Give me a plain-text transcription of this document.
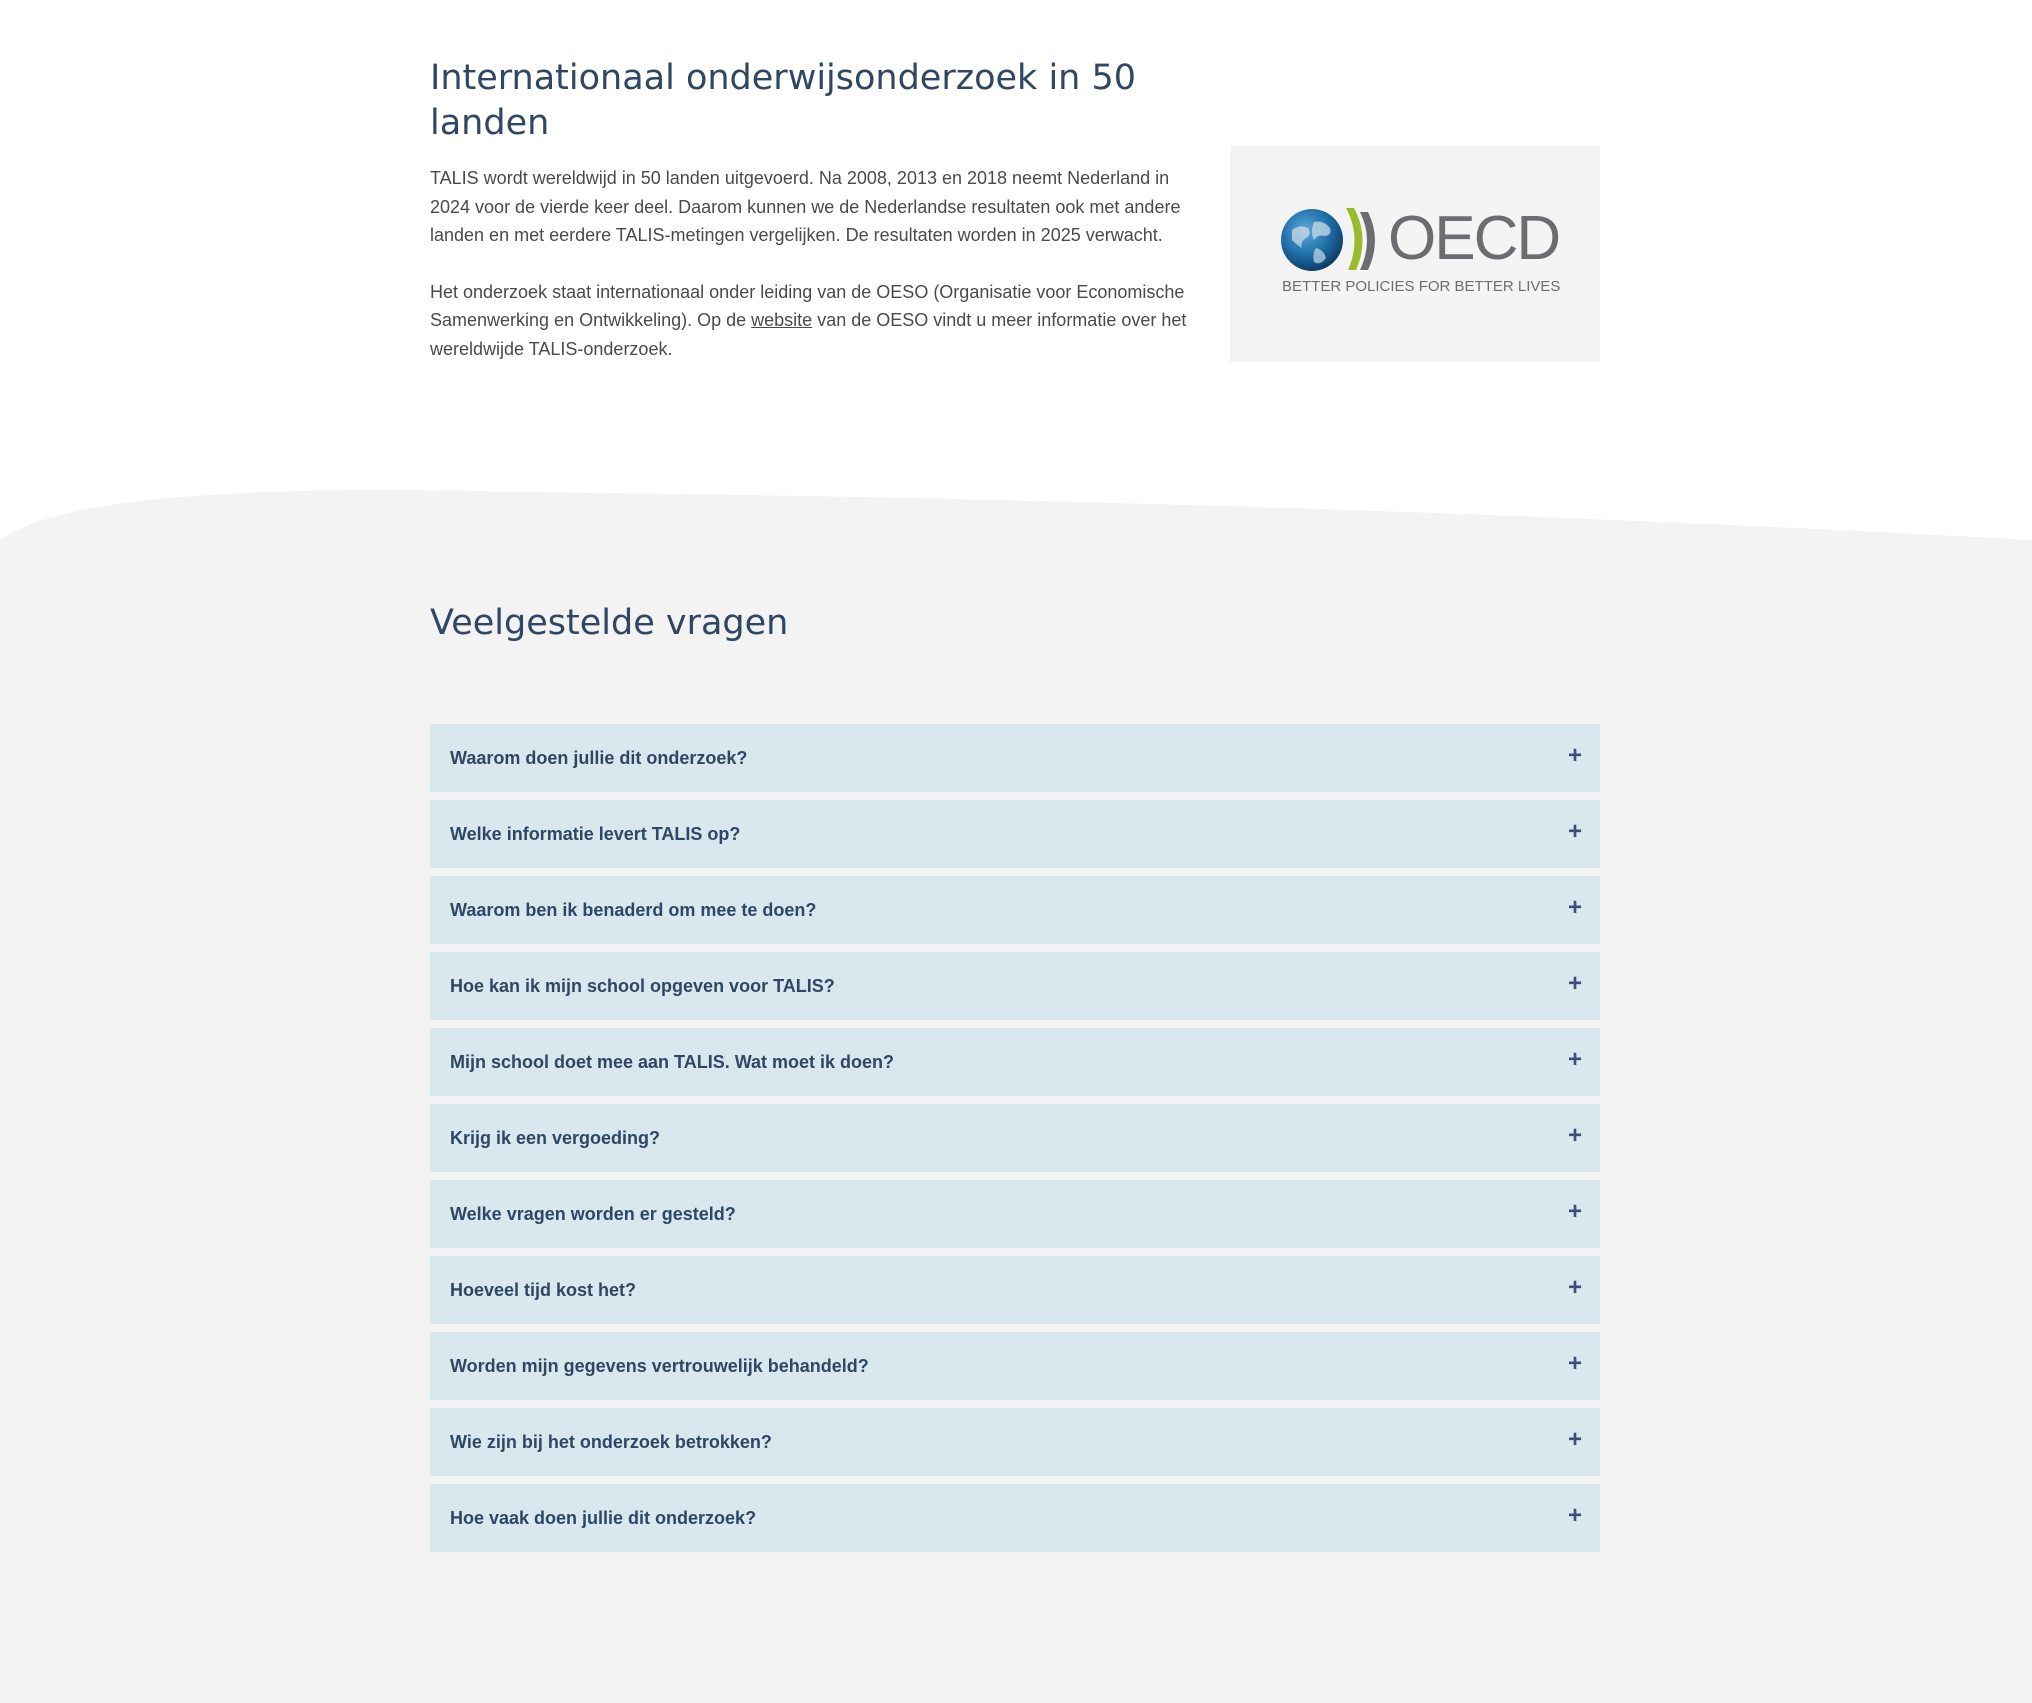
Internationaal onderwijsonderzoek in 50 landen

TALIS wordt wereldwijd in 50 landen uitgevoerd. Na 2008, 2013 en 2018 neemt Nederland in 2024 voor de vierde keer deel. Daarom kunnen we de Nederlandse resultaten ook met andere landen en met eerdere TALIS-metingen vergelijken. De resultaten worden in 2025 verwacht.

Het onderzoek staat internationaal onder leiding van de OESO (Organisatie voor Economische Samenwerking en Ontwikkeling). Op de website van de OESO vindt u meer informatie over het wereldwijde TALIS-onderzoek.

OECD
BETTER POLICIES FOR BETTER LIVES
Veelgestelde vragen
Waarom doen jullie dit onderzoek?	+
Welke informatie levert TALIS op?	+
Waarom ben ik benaderd om mee te doen?	+
Hoe kan ik mijn school opgeven voor TALIS?	+
Mijn school doet mee aan TALIS. Wat moet ik doen?	+
Krijg ik een vergoeding?	+
Welke vragen worden er gesteld?	+
Hoeveel tijd kost het?	+
Worden mijn gegevens vertrouwelijk behandeld?	+
Wie zijn bij het onderzoek betrokken?	+
Hoe vaak doen jullie dit onderzoek?	+
